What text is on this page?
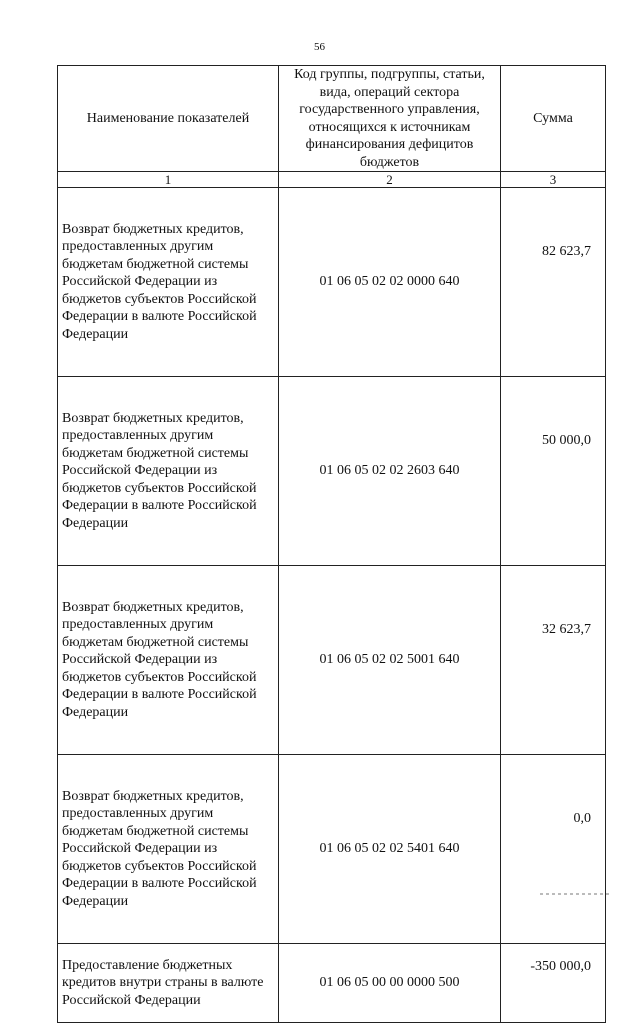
56
Наименование показателей	Код группы, подгруппы, статьи, вида, операций сектора государственного управления, относящихся к источникам финансирования дефицитов бюджетов	Сумма
1	2	3
Возврат бюджетных кредитов, предоставленных другим бюджетам бюджетной системы Российской Федерации из бюджетов субъектов Российской Федерации в валюте Российской Федерации	01 06 05 02 02 0000 640	82 623,7
Возврат бюджетных кредитов, предоставленных другим бюджетам бюджетной системы Российской Федерации из бюджетов субъектов Российской Федерации в валюте Российской Федерации	01 06 05 02 02 2603 640	50 000,0
Возврат бюджетных кредитов, предоставленных другим бюджетам бюджетной системы Российской Федерации из бюджетов субъектов Российской Федерации в валюте Российской Федерации	01 06 05 02 02 5001 640	32 623,7
Возврат бюджетных кредитов, предоставленных другим бюджетам бюджетной системы Российской Федерации из бюджетов субъектов Российской Федерации в валюте Российской Федерации	01 06 05 02 02 5401 640	0,0
Предоставление бюджетных кредитов внутри страны в валюте Российской Федерации	01 06 05 00 00 0000 500	-350 000,0
